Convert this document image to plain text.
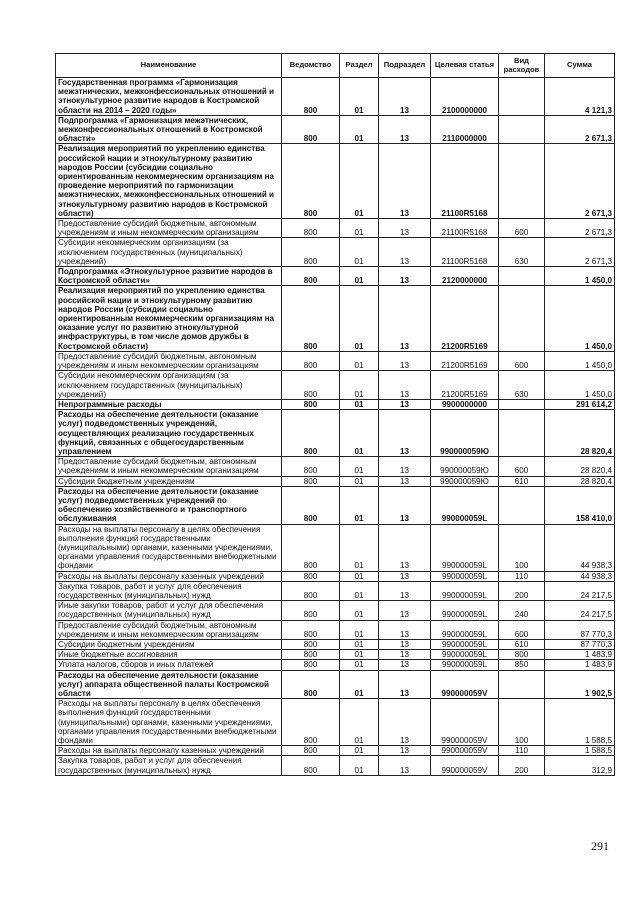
Наименование	Ведомство	Раздел	Подраздел	Целевая статья	Вид расходов	Сумма
Государственная программа «Гармонизация межэтнических, межконфессиональных отношений и этнокультурное развитие народов в Костромской области на 2014 – 2020 годы»	800	01	13	2100000000		4 121,3
Подпрограмма «Гармонизация межэтнических, межконфессиональных отношений в Костромской области»	800	01	13	2110000000		2 671,3
Реализация мероприятий по укреплению единства российской нации и этнокультурному развитию народов России (субсидии социально ориентированным некоммерческим организациям на проведение мероприятий по гармонизации межэтнических, межконфессиональных отношений и этнокультурному развитию народов в Костромской области)	800	01	13	21100R5168		2 671,3
Предоставление субсидий бюджетным, автономным учреждениям и иным некоммерческим организациям	800	01	13	21100R5168	600	2 671,3
Субсидии некоммерческим организациям (за исключением государственных (муниципальных) учреждений)	800	01	13	21100R5168	630	2 671,3
Подпрограмма «Этнокультурное развитие народов в Костромской области»	800	01	13	2120000000		1 450,0
Реализация мероприятий по укреплению единства российской нации и этнокультурному развитию народов России (субсидии социально ориентированным некоммерческим организациям на оказание услуг по развитию этнокультурной инфраструктуры, в том числе домов дружбы в Костромской области)	800	01	13	21200R5169		1 450,0
Предоставление субсидий бюджетным, автономным учреждениям и иным некоммерческим организациям	800	01	13	21200R5169	600	1 450,0
Субсидии некоммерческим организациям (за исключением государственных (муниципальных) учреждений)	800	01	13	21200R5169	630	1 450,0
Непрограммные расходы	800	01	13	9900000000		291 614,2
Расходы на обеспечение деятельности (оказание услуг) подведомственных учреждений, осуществляющих реализацию государственных функций, связанных с общегосударственным управлением	800	01	13	990000059Ю		28 820,4
Предоставление субсидий бюджетным, автономным учреждениям и иным некоммерческим организациям	800	01	13	990000059Ю	600	28 820,4
Субсидии бюджетным учреждениям	800	01	13	990000059Ю	610	28 820,4
Расходы на обеспечение деятельности (оказание услуг) подведомственных учреждений по обеспечению хозяйственного и транспортного обслуживания	800	01	13	990000059L		158 410,0
Расходы на выплаты персоналу в целях обеспечения выполнения функций государственными (муниципальными) органами, казенными учреждениями, органами управления государственными внебюджетными фондами	800	01	13	990000059L	100	44 938,3
Расходы на выплаты персоналу казенных учреждений	800	01	13	990000059L	110	44 938,3
Закупка товаров, работ и услуг для обеспечения государственных (муниципальных) нужд	800	01	13	990000059L	200	24 217,5
Иные закупки товаров, работ и услуг для обеспечения государственных (муниципальных) нужд	800	01	13	990000059L	240	24 217,5
Предоставление субсидий бюджетным, автономным учреждениям и иным некоммерческим организациям	800	01	13	990000059L	600	87 770,3
Субсидии бюджетным учреждениям	800	01	13	990000059L	610	87 770,3
Иные бюджетные ассигнования	800	01	13	990000059L	800	1 483,9
Уплата налогов, сборов и иных платежей	800	01	13	990000059L	850	1 483,9
Расходы на обеспечение деятельности (оказание услуг) аппарата общественной палаты Костромской области	800	01	13	990000059V		1 902,5
Расходы на выплаты персоналу в целях обеспечения выполнения функций государственными (муниципальными) органами, казенными учреждениями, органами управления государственными внебюджетными фондами	800	01	13	990000059V	100	1 588,5
Расходы на выплаты персоналу казенных учреждений	800	01	13	990000059V	110	1 588,5
Закупка товаров, работ и услуг для обеспечения государственных (муниципальных) нужд	800	01	13	990000059V	200	312,9
291
